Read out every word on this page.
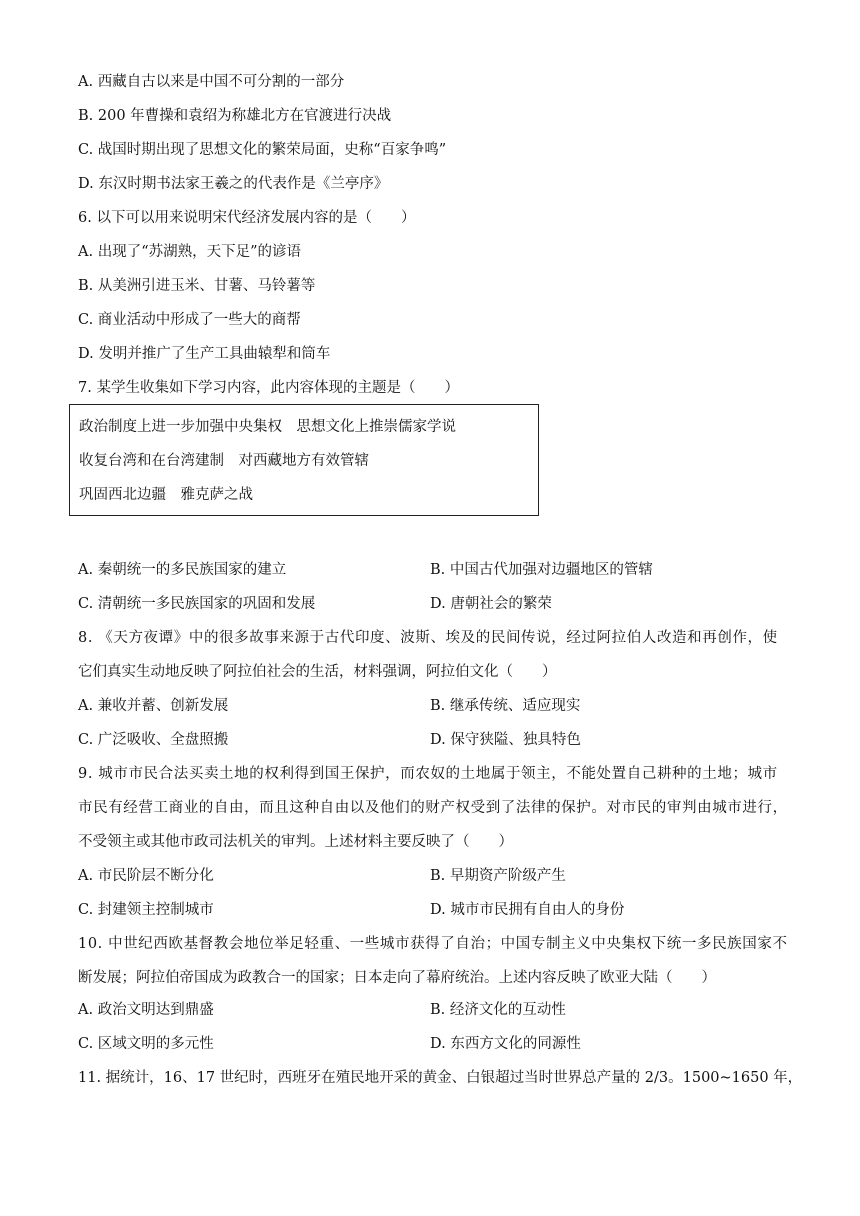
A. 西藏自古以来是中国不可分割的一部分
B. 200 年曹操和袁绍为称雄北方在官渡进行决战
C. 战国时期出现了思想文化的繁荣局面，史称“百家争鸣”
D. 东汉时期书法家王羲之的代表作是《兰亭序》
6. 以下可以用来说明宋代经济发展内容的是（　　）
A. 出现了“苏湖熟，天下足”的谚语
B. 从美洲引进玉米、甘薯、马铃薯等
C. 商业活动中形成了一些大的商帮
D. 发明并推广了生产工具曲辕犁和筒车
7. 某学生收集如下学习内容，此内容体现的主题是（　　）
政治制度上进一步加强中央集权　思想文化上推崇儒家学说
收复台湾和在台湾建制　对西藏地方有效管辖
巩固西北边疆　雅克萨之战
A. 秦朝统一的多民族国家的建立	B. 中国古代加强对边疆地区的管辖
C. 清朝统一多民族国家的巩固和发展	D. 唐朝社会的繁荣
8. 《天方夜谭》中的很多故事来源于古代印度、波斯、埃及的民间传说，经过阿拉伯人改造和再创作，使
它们真实生动地反映了阿拉伯社会的生活，材料强调，阿拉伯文化（　　）
A. 兼收并蓄、创新发展	B. 继承传统、适应现实
C. 广泛吸收、全盘照搬	D. 保守狭隘、独具特色
9. 城市市民合法买卖土地的权利得到国王保护，而农奴的土地属于领主，不能处置自己耕种的土地；城市
市民有经营工商业的自由，而且这种自由以及他们的财产权受到了法律的保护。对市民的审判由城市进行，
不受领主或其他市政司法机关的审判。上述材料主要反映了（　　）
A. 市民阶层不断分化	B. 早期资产阶级产生
C. 封建领主控制城市	D. 城市市民拥有自由人的身份
10. 中世纪西欧基督教会地位举足轻重、一些城市获得了自治；中国专制主义中央集权下统一多民族国家不
断发展；阿拉伯帝国成为政教合一的国家；日本走向了幕府统治。上述内容反映了欧亚大陆（　　）
A. 政治文明达到鼎盛	B. 经济文化的互动性
C. 区域文明的多元性	D. 东西方文化的同源性
11. 据统计，16、17 世纪时，西班牙在殖民地开采的黄金、白银超过当时世界总产量的 2/3。1500~1650 年，
